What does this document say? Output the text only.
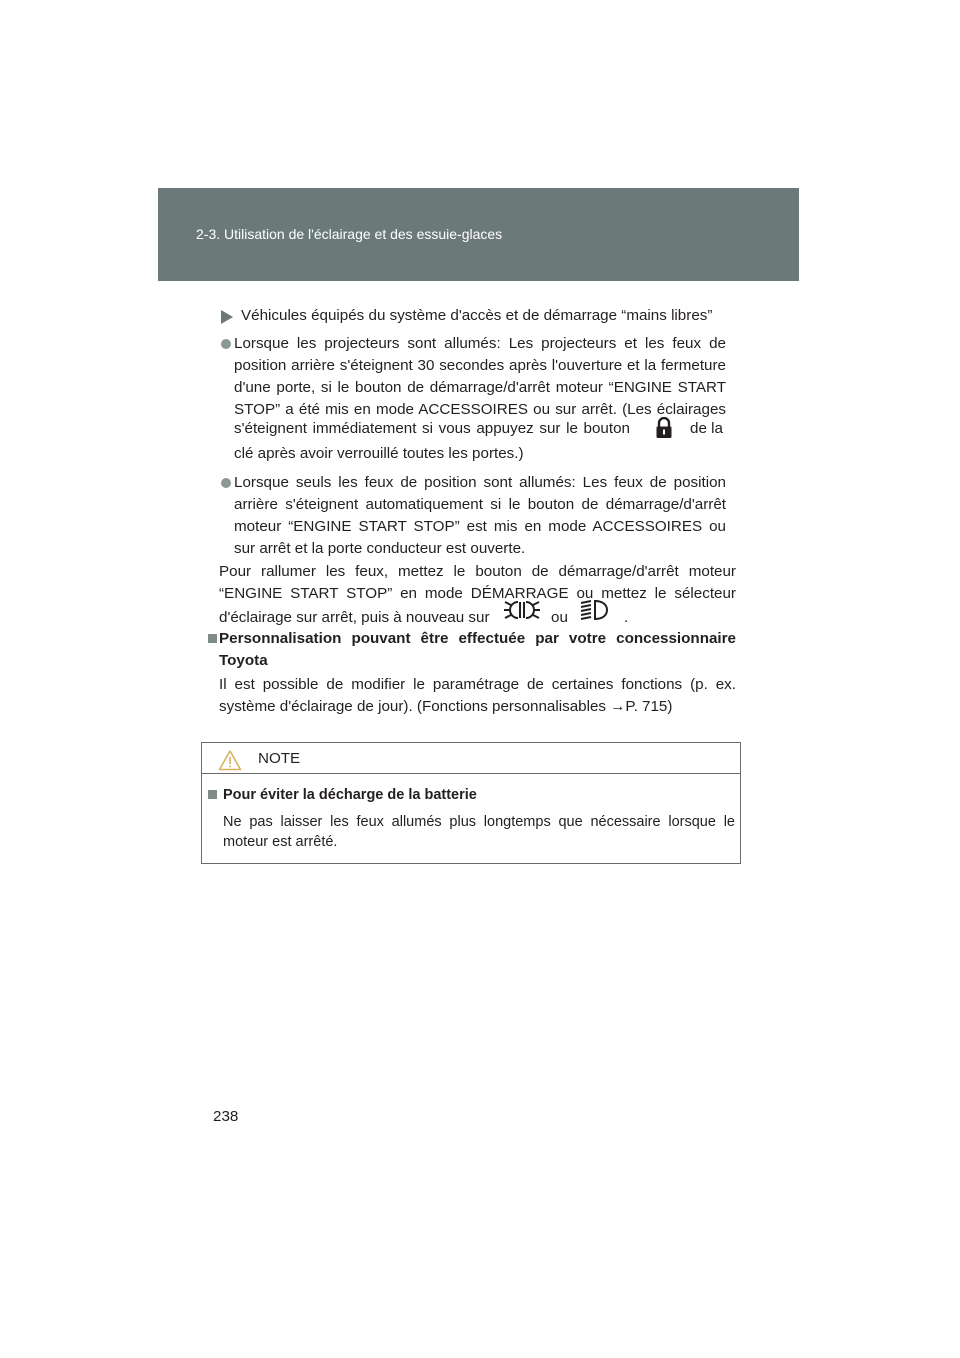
2-3. Utilisation de l'éclairage et des essuie-glaces
Véhicules équipés du système d'accès et de démarrage “mains libres”
Lorsque les projecteurs sont allumés: Les projecteurs et les feux de
position arrière s'éteignent 30 secondes après l'ouverture et la fermeture
d'une porte, si le bouton de démarrage/d'arrêt moteur “ENGINE START
STOP” a été mis en mode ACCESSOIRES ou sur arrêt. (Les éclairages
s'éteignent immédiatement si vous appuyez sur le bouton	de la
clé après avoir verrouillé toutes les portes.)
Lorsque seuls les feux de position sont allumés: Les feux de position
arrière s'éteignent automatiquement si le bouton de démarrage/d'arrêt
moteur “ENGINE START STOP” est mis en mode ACCESSOIRES ou
sur arrêt et la porte conducteur est ouverte.
Pour rallumer les feux, mettez le bouton de démarrage/d'arrêt moteur
“ENGINE START STOP” en mode DÉMARRAGE ou mettez le sélecteur
d'éclairage sur arrêt, puis à nouveau sur	ou	.
Personnalisation pouvant être effectuée par votre concessionnaire
Toyota
Il est possible de modifier le paramétrage de certaines fonctions (p. ex.
système d'éclairage de jour). (Fonctions personnalisables →P. 715)
NOTE
Pour éviter la décharge de la batterie
Ne pas laisser les feux allumés plus longtemps que nécessaire lorsque le
moteur est arrêté.
238
